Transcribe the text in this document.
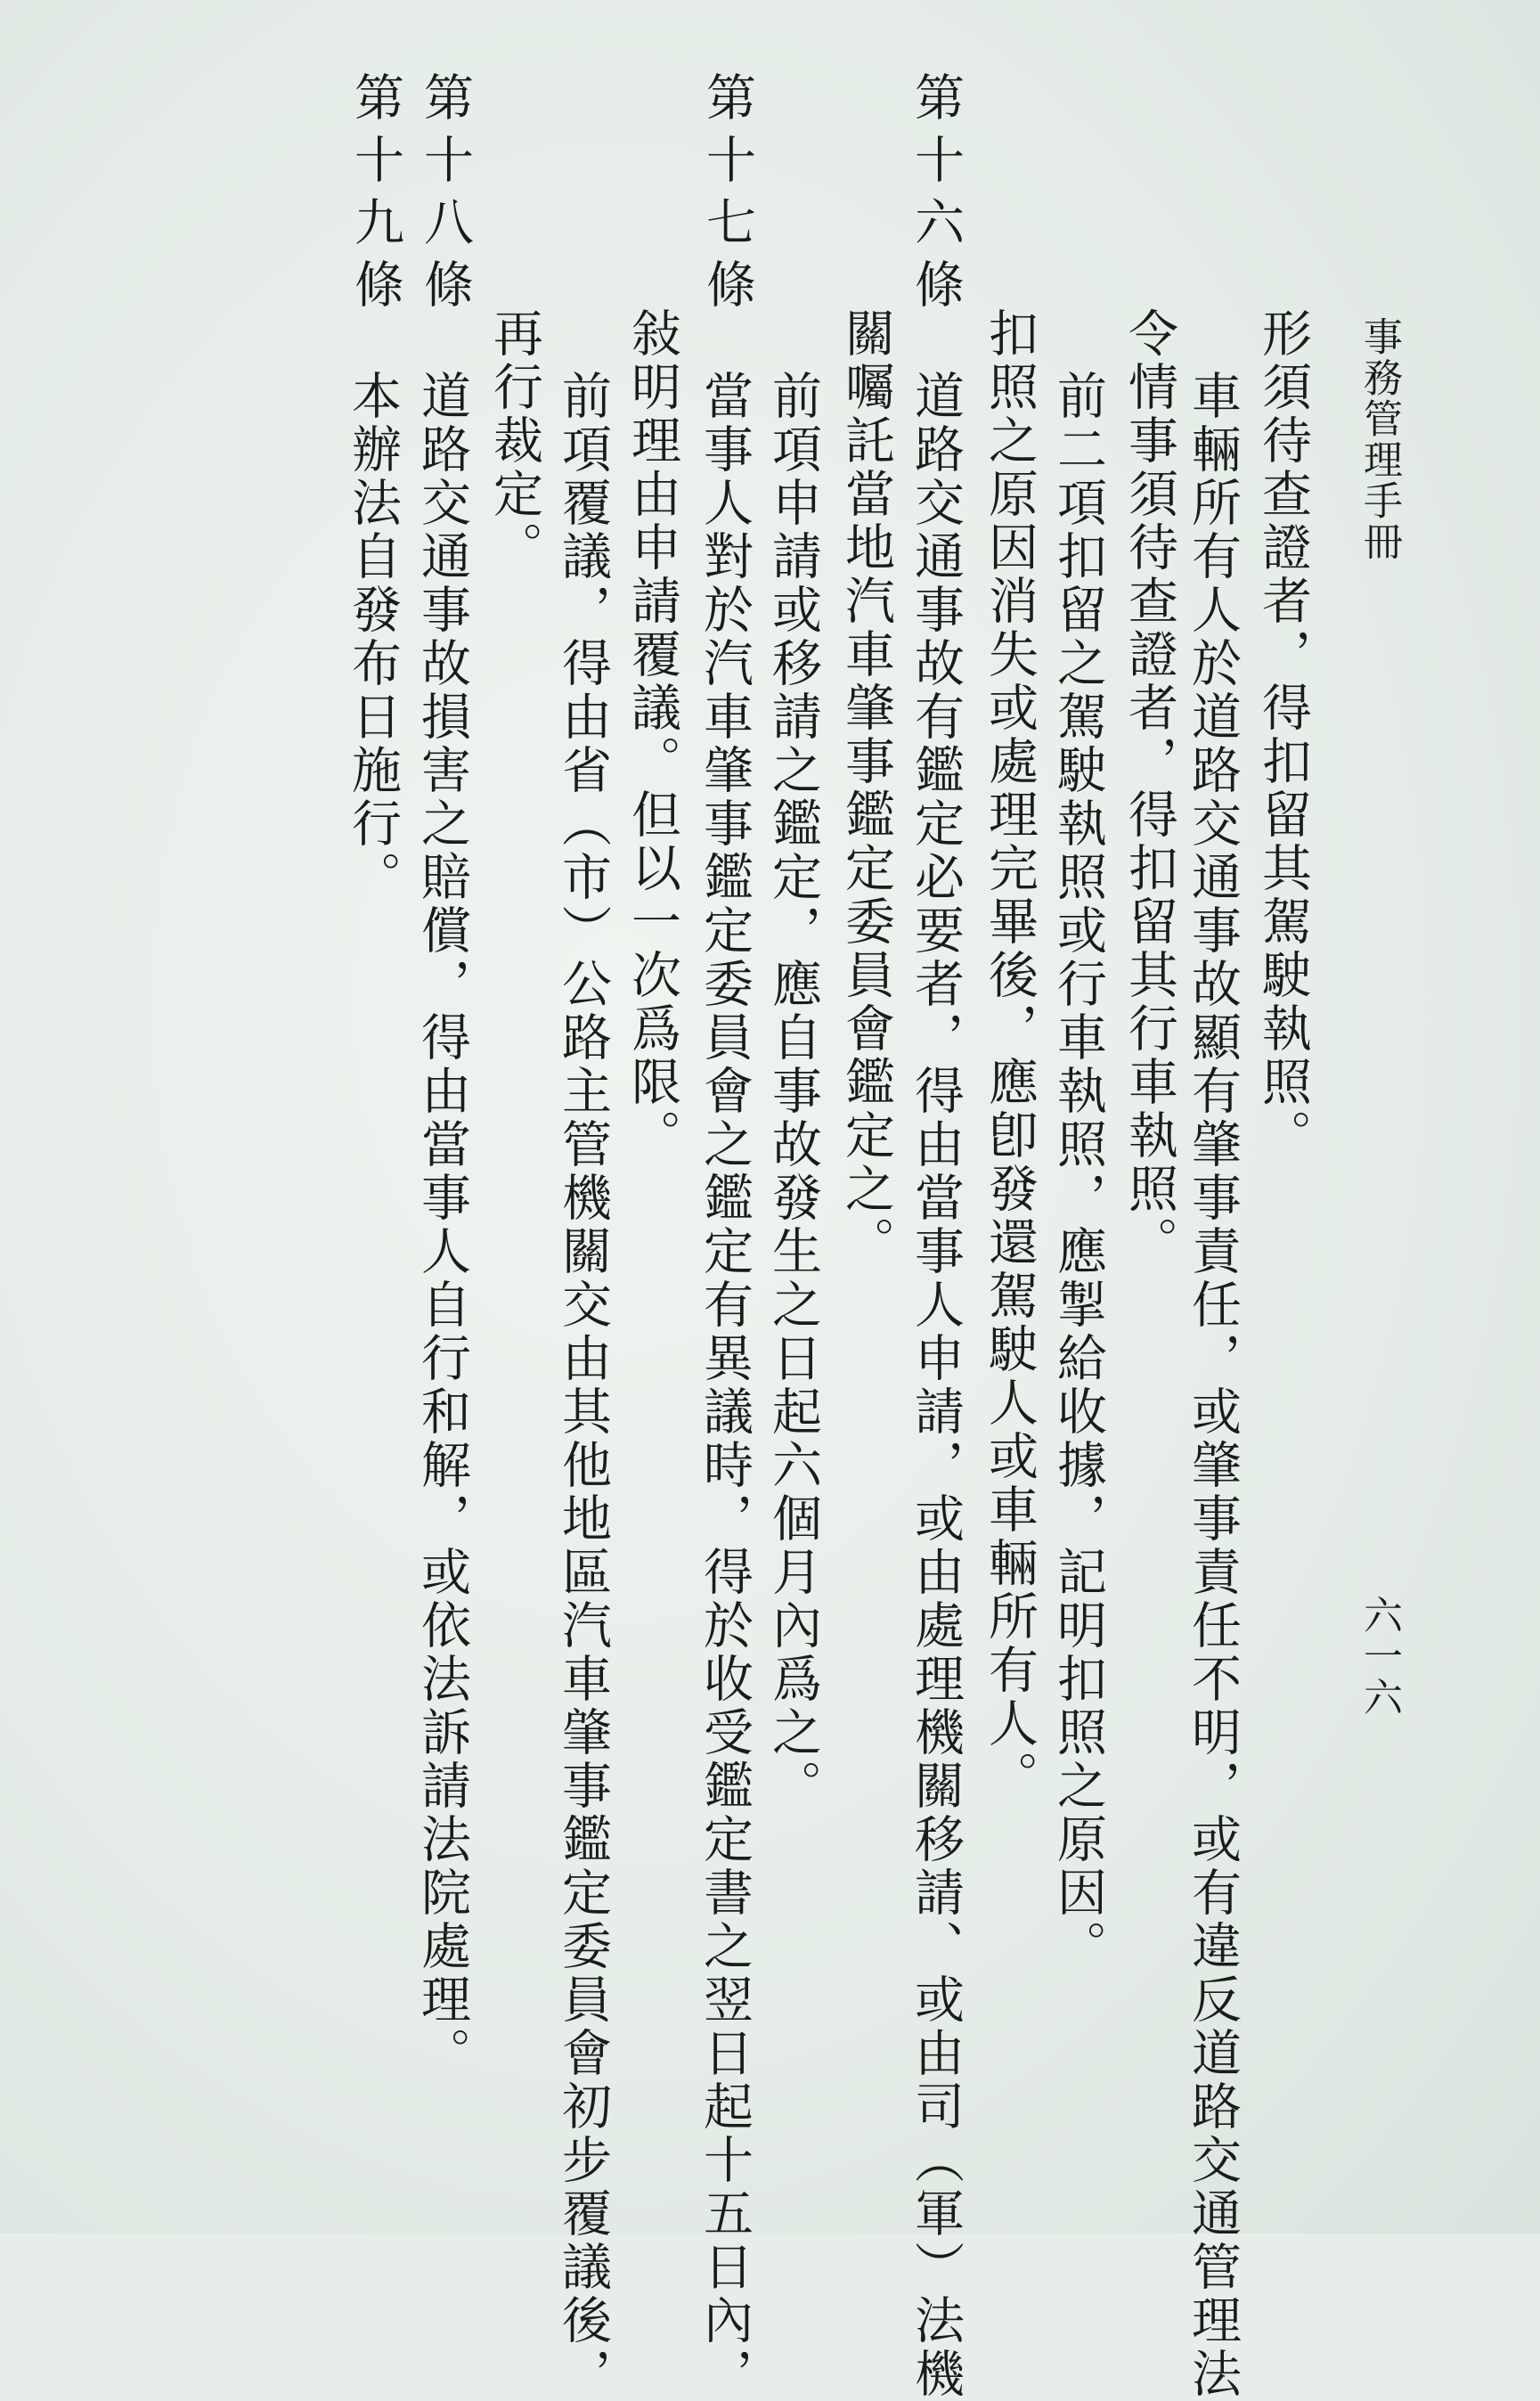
事務管理手冊
六一六
形須待查證者，得扣留其駕駛執照。
車輛所有人於道路交通事故顯有肇事責任，或肇事責任不明，或有違反道路交通管理法
令情事須待查證者，得扣留其行車執照。
前二項扣留之駕駛執照或行車執照，應掣給收據，記明扣照之原因。
扣照之原因消失或處理完畢後，應卽發還駕駛人或車輛所有人。
第十六條
道路交通事故有鑑定必要者，得由當事人申請，或由處理機關移請、或由司（軍）法機
關囑託當地汽車肇事鑑定委員會鑑定之。
前項申請或移請之鑑定，應自事故發生之日起六個月內爲之。
第十七條
當事人對於汽車肇事鑑定委員會之鑑定有異議時，得於收受鑑定書之翌日起十五日內，
敍明理由申請覆議。但以一次爲限。
前項覆議，得由省（市）公路主管機關交由其他地區汽車肇事鑑定委員會初步覆議後，
再行裁定。
第十八條
道路交通事故損害之賠償，得由當事人自行和解，或依法訴請法院處理。
第十九條
本辦法自發布日施行。
